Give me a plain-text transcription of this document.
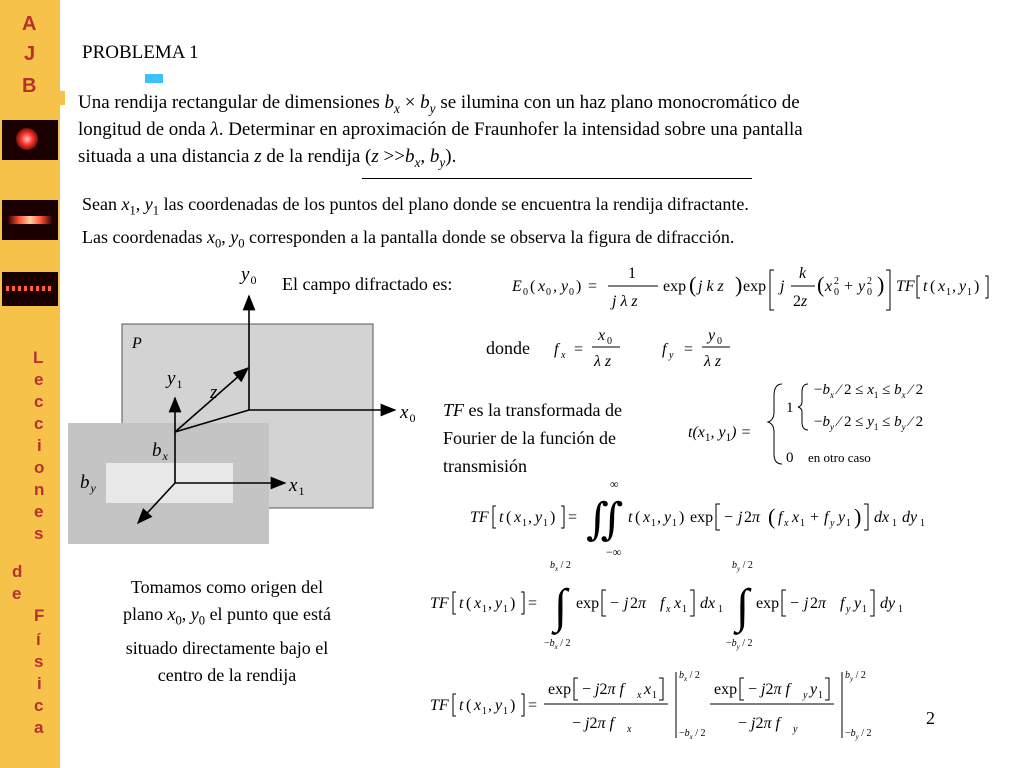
A
J
B
L
e
c
c
i
o
n
e
s
d
e
F
í
s
i
c
a
PROBLEMA 1
Una rendija rectangular de dimensiones $b_x \times b_y$ se ilumina con un haz plano monocromático de
longitud de onda λ. Determinar en aproximación de Fraunhofer la intensidad sobre una pantalla
situada a una distancia z de la rendija ($z >>b_x$, $b_y$).
Sean $x_1$, $y_1$ las coordenadas de los puntos del plano donde se encuentra la rendija difractante.
Las coordenadas $x_0$, $y_0$ corresponden a la pantalla donde se observa la figura de difracción.
P
$y_0$
$x_0$
z
$y_1$
$x_1$
$b_x$
$b_y$
El campo difractado es:	E 0 ( x 0 , y 0 ) =
1
j λ z
exp ( j k z ) exp j
k
2z
( x 2
0 + y 2
0 ) TF t ( x 1 , y 1 )
donde f x =
x 0
λ z
f y =
y 0
λ z
TF es la transformada de
Fourier de la función de
transmisión
$t(x_1$, $y_1$) =
1
$-b_x$ ⁄ $2 \le x_1 \le b_x$ ⁄ 2
$-b_y$ ⁄ $2 \le y_1 \le b_y$ ⁄ 2
0 en otro caso
TF t ( x 1 , y 1 ) = ∬
∞
−∞
t ( x 1 , y 1 ) exp − j 2π ( f x x 1 + f y y 1 ) dx 1 dy 1
TF t ( x 1 , y 1 ) = ∫
$b_x / 2$
$-b_x / 2$
exp − j 2π f x x 1 dx 1 ∫
$b_y / 2$
$-b_y / 2$
exp − j 2π f y y 1 dy 1
TF t ( x 1 , y 1 ) =
exp − j2π f x x 1
− j2π f x
$b_x / 2$
$-b_x / 2$
exp − j2π f y y 1
− j2π f y
$b_y / 2$
$-b_y / 2$
Tomamos como origen del
plano $x_0$, $y_0$ el punto que está
situado directamente bajo el
centro de la rendija
2
